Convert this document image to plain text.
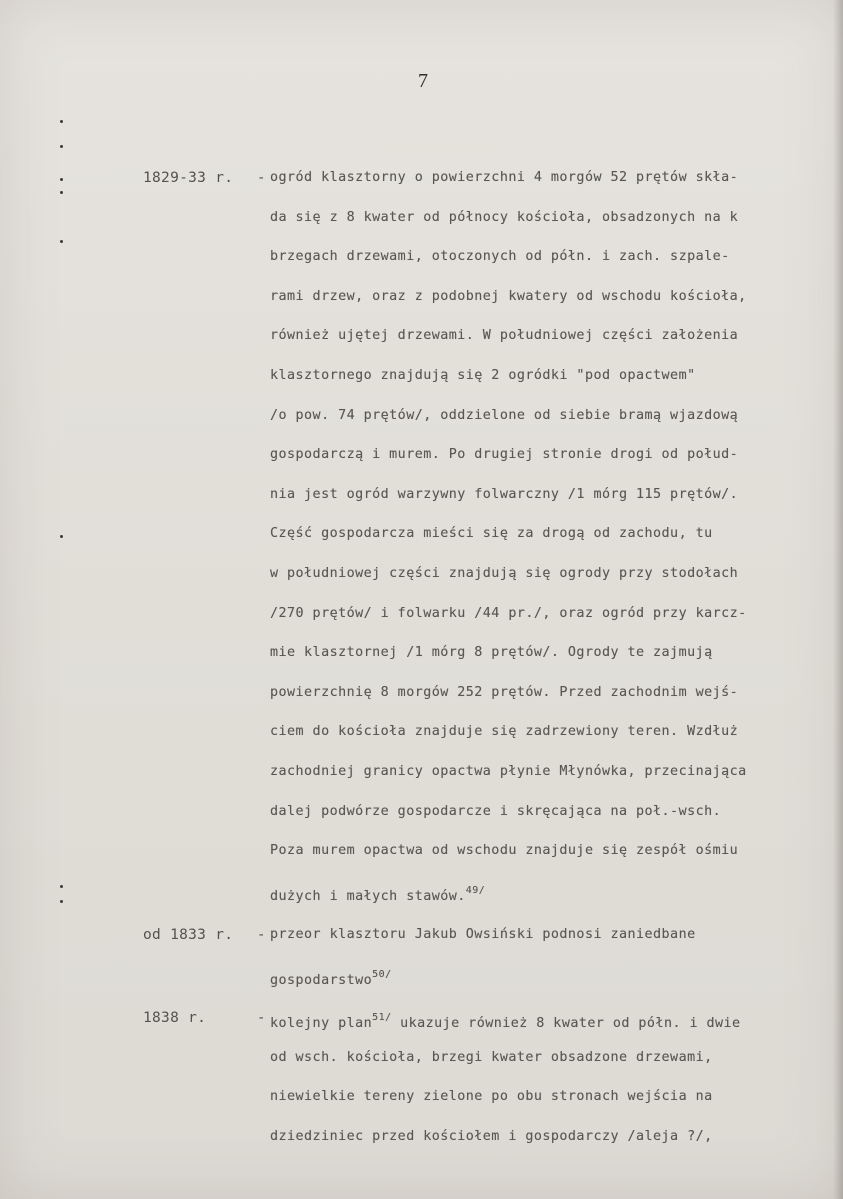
7
1829-33 r. - ogród klasztorny o powierzchni 4 morgów 52 prętów skła-
da się z 8 kwater od północy kościoła, obsadzonych na k
brzegach drzewami, otoczonych od półn. i zach. szpale-
rami drzew, oraz z podobnej kwatery od wschodu kościoła,
również ujętej drzewami. W południowej części założenia
klasztornego znajdują się 2 ogródki "pod opactwem"
/o pow. 74 prętów/, oddzielone od siebie bramą wjazdową
gospodarczą i murem. Po drugiej stronie drogi od połud-
nia jest ogród warzywny folwarczny /1 mórg 115 prętów/.
Część gospodarcza mieści się za drogą od zachodu, tu
w południowej części znajdują się ogrody przy stodołach
/270 prętów/ i folwarku /44 pr./, oraz ogród przy karcz-
mie klasztornej /1 mórg 8 prętów/. Ogrody te zajmują
powierzchnię 8 morgów 252 prętów. Przed zachodnim wejś-
ciem do kościoła znajduje się zadrzewiony teren. Wzdłuż
zachodniej granicy opactwa płynie Młynówka, przecinająca
dalej podwórze gospodarcze i skręcająca na poł.-wsch.
Poza murem opactwa od wschodu znajduje się zespół ośmiu
dużych i małych stawów.$^{49/}$
od 1833 r. - przeor klasztoru Jakub Owsiński podnosi zaniedbane
gospodarstwo$^{50/}$
1838 r.	- kolejny plan$^{51/}$ ukazuje również 8 kwater od półn. i dwie
od wsch. kościoła, brzegi kwater obsadzone drzewami,
niewielkie tereny zielone po obu stronach wejścia na
dziedziniec przed kościołem i gospodarczy /aleja ?/,
